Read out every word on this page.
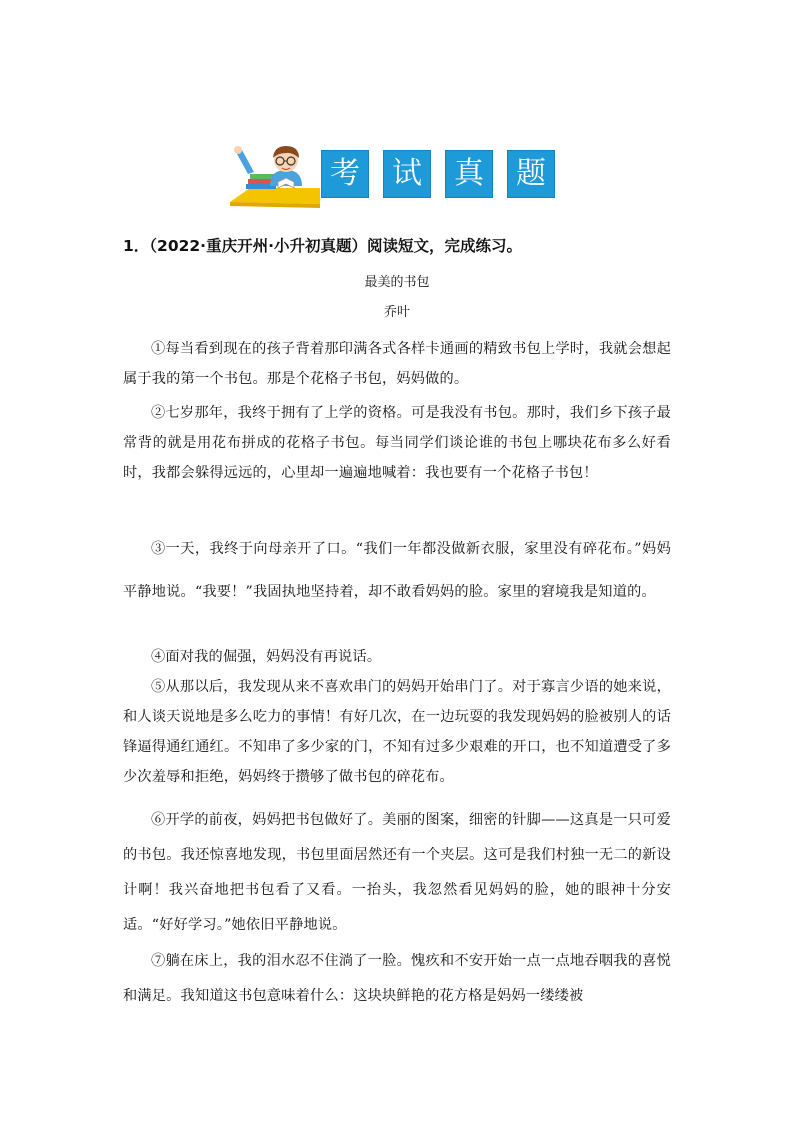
考	试	真	题
1．（2022·重庆开州·小升初真题）阅读短文，完成练习。
最美的书包
乔叶

①每当看到现在的孩子背着那印满各式各样卡通画的精致书包上学时，我就会想起属于我的第一个书包。那是个花格子书包，妈妈做的。

②七岁那年，我终于拥有了上学的资格。可是我没有书包。那时，我们乡下孩子最常背的就是用花布拼成的花格子书包。每当同学们谈论谁的书包上哪块花布多么好看时，我都会躲得远远的，心里却一遍遍地喊着：我也要有一个花格子书包！

③一天，我终于向母亲开了口。“我们一年都没做新衣服，家里没有碎花布。”妈妈平静地说。“我要！”我固执地坚持着，却不敢看妈妈的脸。家里的窘境我是知道的。

④面对我的倔强，妈妈没有再说话。

⑤从那以后，我发现从来不喜欢串门的妈妈开始串门了。对于寡言少语的她来说，和人谈天说地是多么吃力的事情！有好几次，在一边玩耍的我发现妈妈的脸被别人的话锋逼得通红通红。不知串了多少家的门，不知有过多少艰难的开口，也不知道遭受了多少次羞辱和拒绝，妈妈终于攒够了做书包的碎花布。

⑥开学的前夜，妈妈把书包做好了。美丽的图案，细密的针脚——这真是一只可爱的书包。我还惊喜地发现，书包里面居然还有一个夹层。这可是我们村独一无二的新设计啊！我兴奋地把书包看了又看。一抬头，我忽然看见妈妈的脸，她的眼神十分安适。“好好学习。”她依旧平静地说。

⑦躺在床上，我的泪水忍不住淌了一脸。愧疚和不安开始一点一点地吞咽我的喜悦和满足。我知道这书包意味着什么：这块块鲜艳的花方格是妈妈一缕缕被
